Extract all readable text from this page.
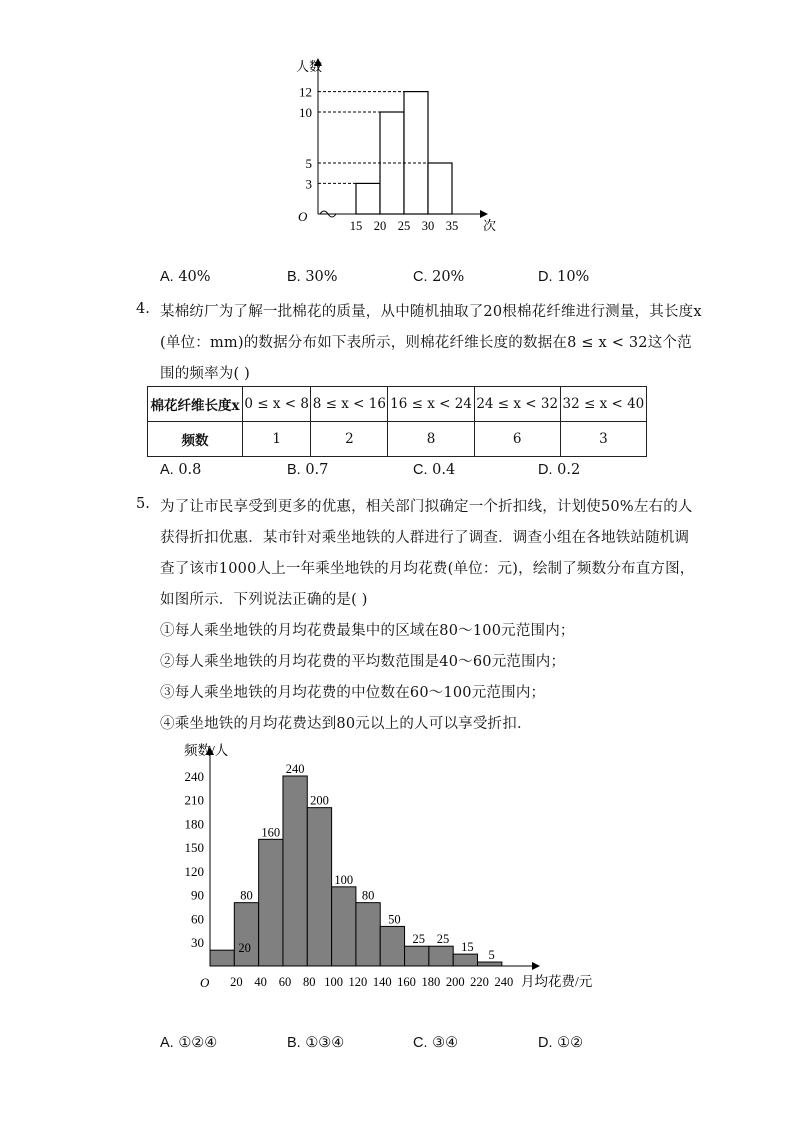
O
人数
次
3
5
10
12
15 20 25 30 35
A. 40%	B. 30%	C. 20%	D. 10%
4. 某棉纺厂为了解一批棉花的质量，从中随机抽取了20根棉花纤维进行测量，其长度x
(单位：mm)的数据分布如下表所示，则棉花纤维长度的数据在8 ≤ x < 32这个范
围的频率为( )
棉花纤维长度x	0 ≤ x < 8	8 ≤ x < 16	16 ≤ x < 24	24 ≤ x < 32	32 ≤ x < 40
频数	1	2	8	6	3
A. 0.8	B. 0.7	C. 0.4	D. 0.2
5. 为了让市民享受到更多的优惠，相关部门拟确定一个折扣线，计划使50%左右的人
获得折扣优惠．某市针对乘坐地铁的人群进行了调查．调查小组在各地铁站随机调
查了该市1000人上一年乘坐地铁的月均花费(单位：元)，绘制了频数分布直方图，
如图所示．下列说法正确的是( )
①每人乘坐地铁的月均花费最集中的区域在80～100元范围内；
②每人乘坐地铁的月均花费的平均数范围是40～60元范围内；
③每人乘坐地铁的月均花费的中位数在60～100元范围内；
④乘坐地铁的月均花费达到80元以上的人可以享受折扣．
频数/人
月均花费/元
O
20
80
160
240
200
100
80
50
25 25
15
5
30
60
90
120
150
180
210
240
20 40 60 80 100 120 140 160 180 200 220 240
A. ①②④	B. ①③④	C. ③④	D. ①②
